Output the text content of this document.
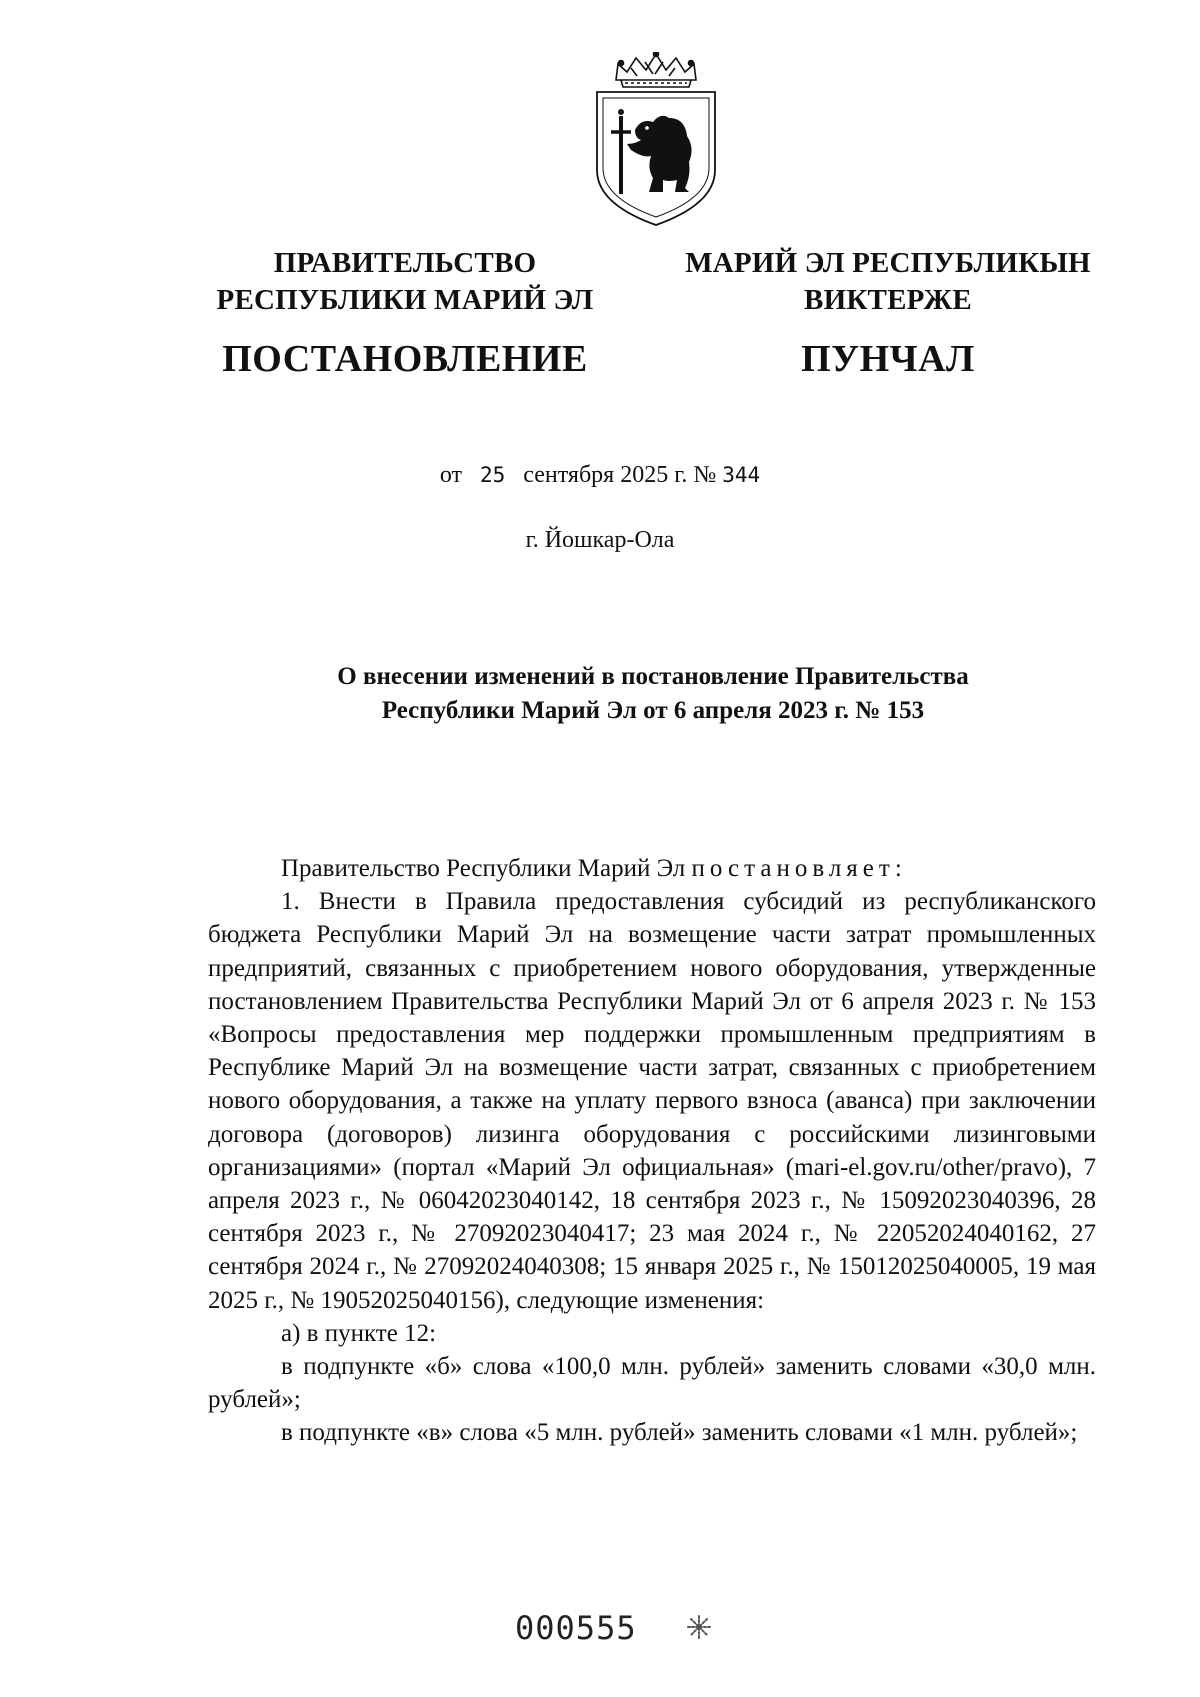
ПРАВИТЕЛЬСТВО
РЕСПУБЛИКИ МАРИЙ ЭЛ
ПОСТАНОВЛЕНИЕ
МАРИЙ ЭЛ РЕСПУБЛИКЫН
ВИКТЕРЖЕ
ПУНЧАЛ
от 25 сентября 2025 г. № 344
г. Йошкар-Ола
О внесении изменений в постановление Правительства
Республики Марий Эл от 6 апреля 2023 г. № 153

Правительство Республики Марий Эл постановляет:

1. Внести в Правила предоставления субсидий из республиканского бюджета Республики Марий Эл на возмещение части затрат промышленных предприятий, связанных с приобретением нового оборудования, утвержденные постановлением Правительства Республики Марий Эл от 6 апреля 2023 г. № 153 «Вопросы предоставления мер поддержки промышленным предприятиям в Республике Марий Эл на возмещение части затрат, связанных с приобретением нового оборудования, а также на уплату первого взноса (аванса) при заключении договора (договоров) лизинга оборудования с российскими лизинговыми организациями» (портал «Марий Эл официальная» (mari-el.gov.ru/other/pravo), 7 апреля 2023 г., № 06042023040142, 18 сентября 2023 г., № 15092023040396, 28 сентября 2023 г., № 27092023040417; 23 мая 2024 г., № 22052024040162, 27 сентября 2024 г., № 27092024040308; 15 января 2025 г., № 15012025040005, 19 мая 2025 г., № 19052025040156), следующие изменения:

а) в пункте 12:

в подпункте «б» слова «100,0 млн. рублей» заменить словами «30,0 млн. рублей»;

в подпункте «в» слова «5 млн. рублей» заменить словами «1 млн. рублей»;

000555
